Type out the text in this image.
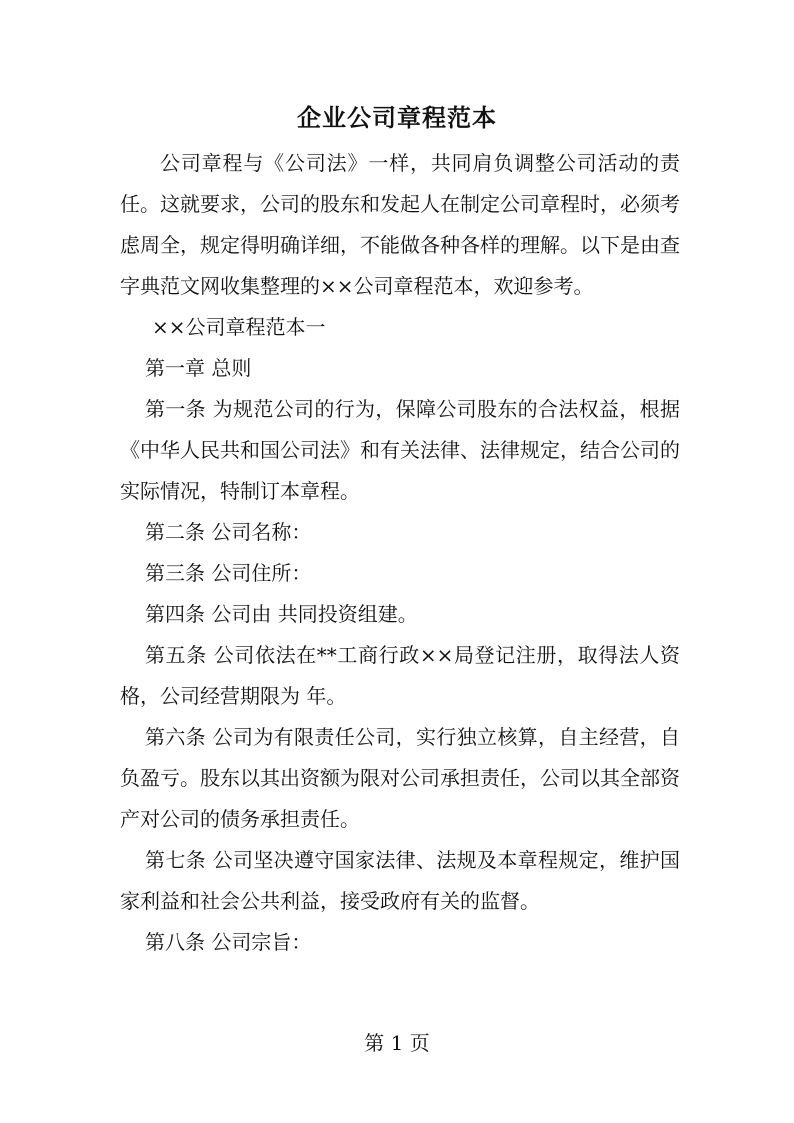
企业公司章程范本

公司章程与《公司法》一样，共同肩负调整公司活动的责任。这就要求，公司的股东和发起人在制定公司章程时，必须考虑周全，规定得明确详细，不能做各种各样的理解。以下是由查字典范文网收集整理的××公司章程范本，欢迎参考。

××公司章程范本一

第一章 总则

第一条 为规范公司的行为，保障公司股东的合法权益，根据《中华人民共和国公司法》和有关法律、法律规定，结合公司的实际情况，特制订本章程。

第二条 公司名称：

第三条 公司住所：

第四条 公司由 共同投资组建。

第五条 公司依法在**工商行政××局登记注册，取得法人资格，公司经营期限为 年。

第六条 公司为有限责任公司，实行独立核算，自主经营，自负盈亏。股东以其出资额为限对公司承担责任，公司以其全部资产对公司的债务承担责任。

第七条 公司坚决遵守国家法律、法规及本章程规定，维护国家利益和社会公共利益，接受政府有关的监督。

第八条 公司宗旨：

第 1 页
